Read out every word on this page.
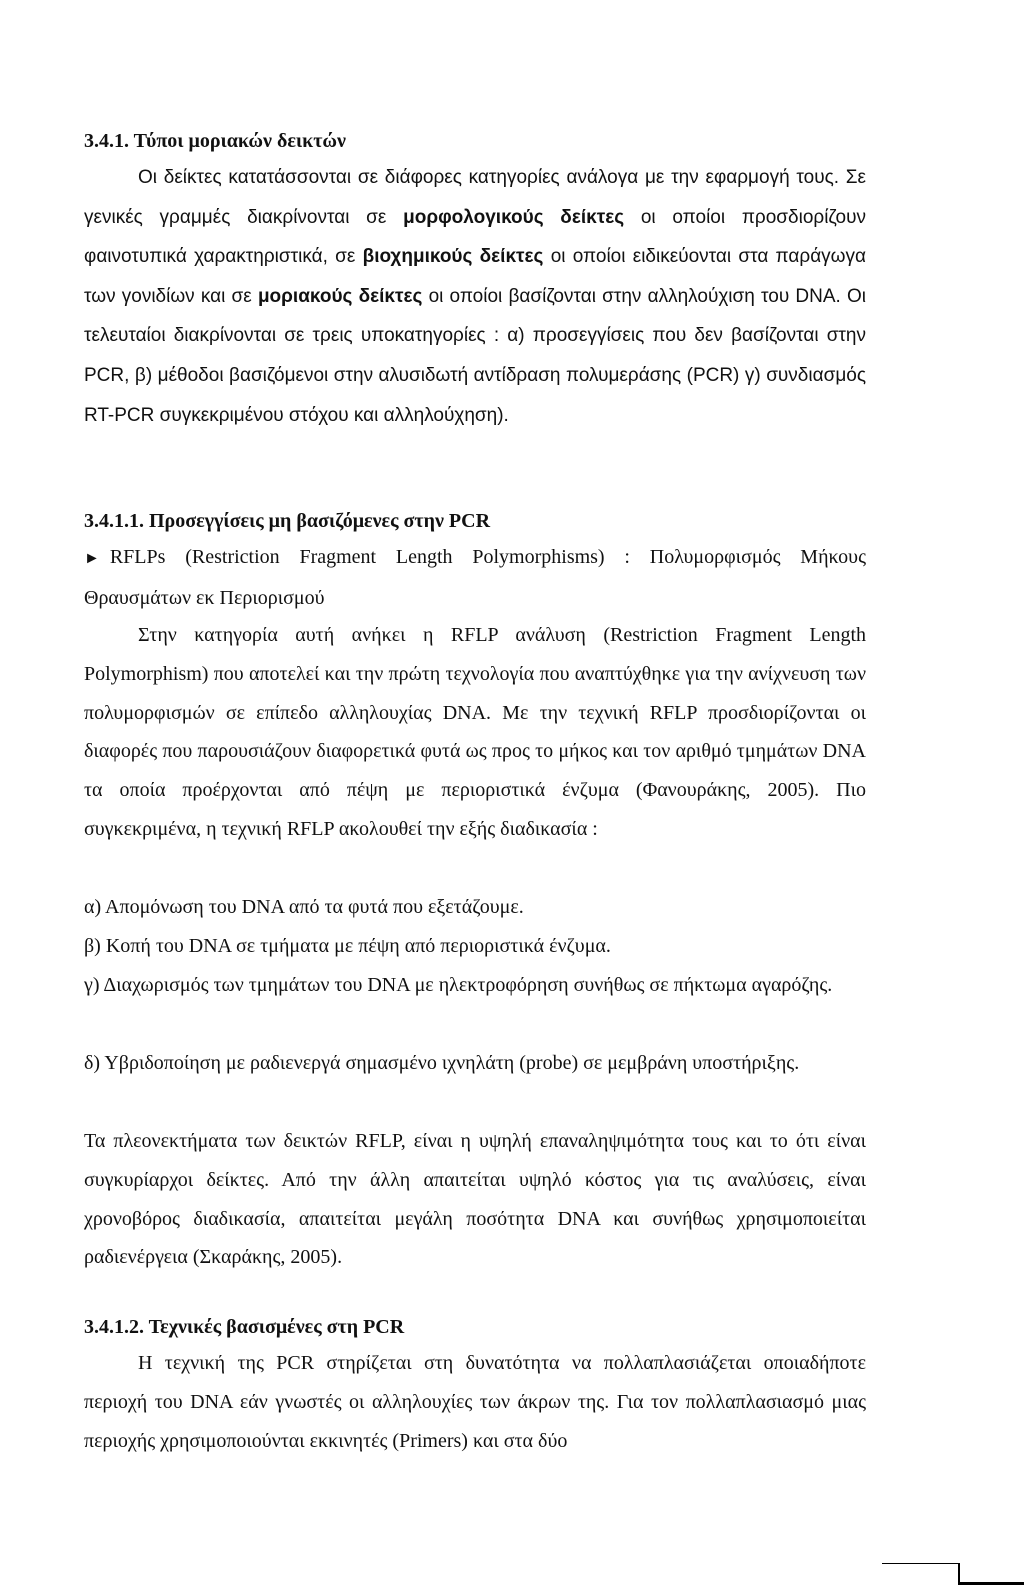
3.4.1. Τύποι μοριακών δεικτών

Οι δείκτες κατατάσσονται σε διάφορες κατηγορίες ανάλογα με την εφαρμογή τους. Σε γενικές γραμμές διακρίνονται σε μορφολογικούς δείκτες οι οποίοι προσδιορίζουν φαινοτυπικά χαρακτηριστικά, σε βιοχημικούς δείκτες οι οποίοι ειδικεύονται στα παράγωγα των γονιδίων και σε μοριακούς δείκτες οι οποίοι βασίζονται στην αλληλούχιση του DNA. Οι τελευταίοι διακρίνονται σε τρεις υποκατηγορίες : α) προσεγγίσεις που δεν βασίζονται στην PCR, β) μέθοδοι βασιζόμενοι στην αλυσιδωτή αντίδραση πολυμεράσης (PCR) γ) συνδιασμός RT-PCR συγκεκριμένου στόχου και αλληλούχηση).

3.4.1.1. Προσεγγίσεις μη βασιζόμενες στην PCR

► RFLPs (Restriction Fragment Length Polymorphisms) : Πολυμορφισμός Μήκους Θραυσμάτων εκ Περιορισμού

Στην κατηγορία αυτή ανήκει η RFLP ανάλυση (Restriction Fragment Length Polymorphism) που αποτελεί και την πρώτη τεχνολογία που αναπτύχθηκε για την ανίχνευση των πολυμορφισμών σε επίπεδο αλληλουχίας DNA. Με την τεχνική RFLP προσδιορίζονται οι διαφορές που παρουσιάζουν διαφορετικά φυτά ως προς το μήκος και τον αριθμό τμημάτων DNA τα οποία προέρχονται από πέψη με περιοριστικά ένζυμα (Φανουράκης, 2005). Πιο συγκεκριμένα, η τεχνική RFLP ακολουθεί την εξής διαδικασία :

α) Απομόνωση του DNA από τα φυτά που εξετάζουμε.

β) Κοπή του DNA σε τμήματα με πέψη από περιοριστικά ένζυμα.

γ) Διαχωρισμός των τμημάτων του DNA με ηλεκτροφόρηση συνήθως σε πήκτωμα αγαρόζης.

δ) Υβριδοποίηση με ραδιενεργά σημασμένο ιχνηλάτη (probe) σε μεμβράνη υποστήριξης.

Τα πλεονεκτήματα των δεικτών RFLP, είναι η υψηλή επαναληψιμότητα τους και το ότι είναι συγκυρίαρχοι δείκτες. Από την άλλη απαιτείται υψηλό κόστος για τις αναλύσεις, είναι χρονοβόρος διαδικασία, απαιτείται μεγάλη ποσότητα DNA και συνήθως χρησιμοποιείται ραδιενέργεια (Σκαράκης, 2005).

3.4.1.2. Τεχνικές βασισμένες στη PCR

Η τεχνική της PCR στηρίζεται στη δυνατότητα να πολλαπλασιάζεται οποιαδήποτε περιοχή του DNA εάν γνωστές οι αλληλουχίες των άκρων της. Για τον πολλαπλασιασμό μιας περιοχής χρησιμοποιούνται εκκινητές (Primers) και στα δύο
